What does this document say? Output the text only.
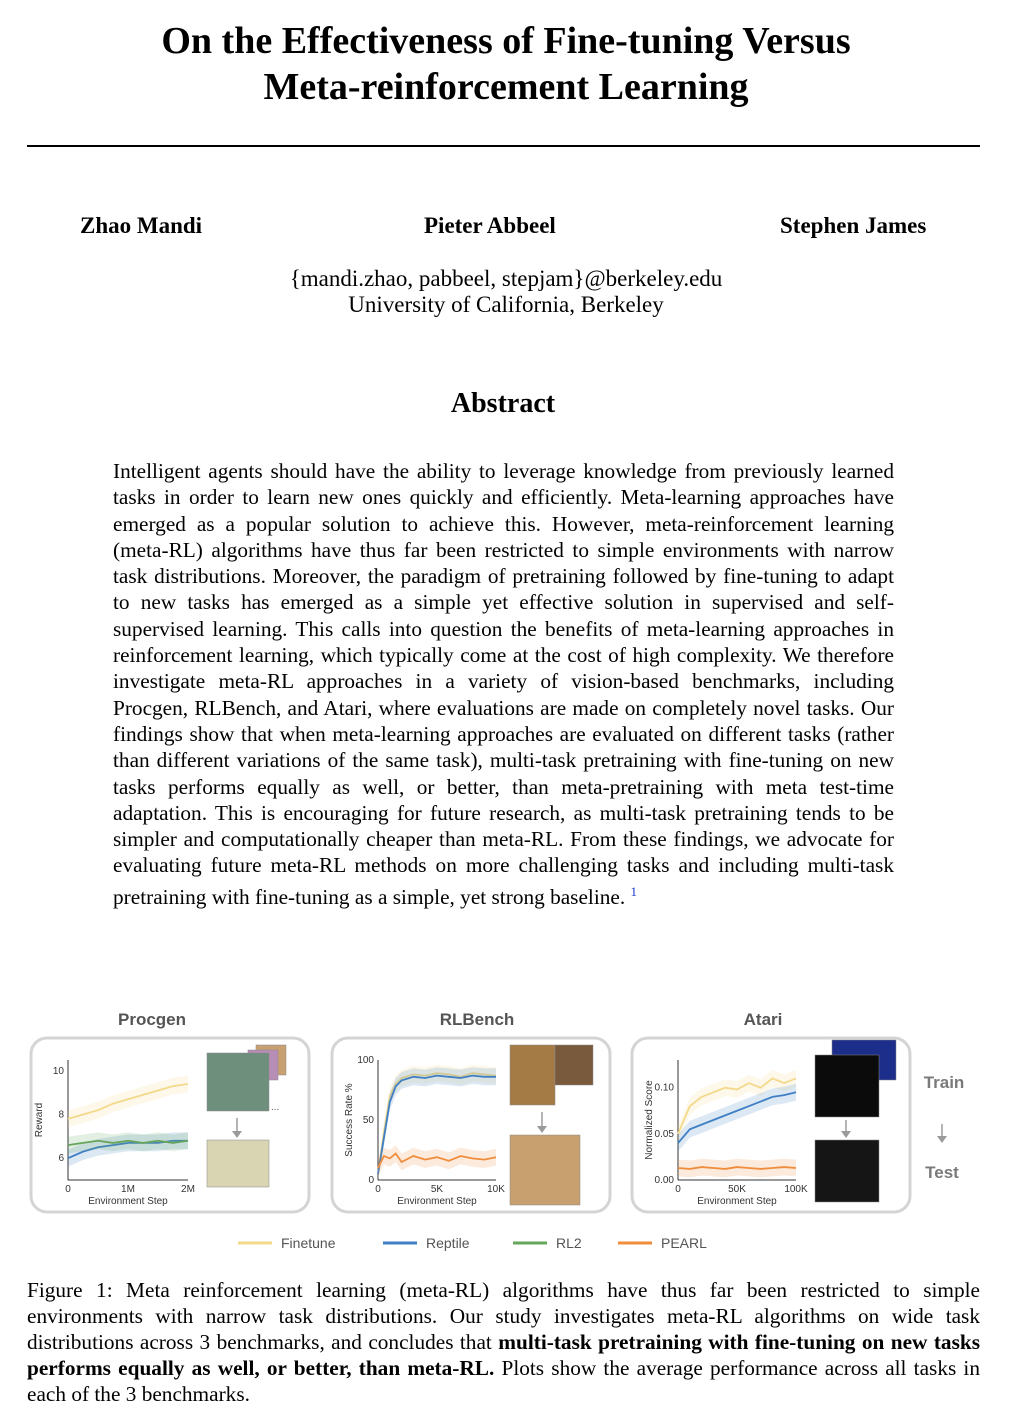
On the Effectiveness of Fine-tuning Versus
Meta-reinforcement Learning
Zhao Mandi	Pieter Abbeel	Stephen James
{mandi.zhao, pabbeel, stepjam}@berkeley.edu
University of California, Berkeley
Abstract
Intelligent agents should have the ability to leverage knowledge from previously learned tasks in order to learn new ones quickly and efficiently. Meta-learning approaches have emerged as a popular solution to achieve this. However, meta-reinforcement learning (meta-RL) algorithms have thus far been restricted to simple environments with narrow task distributions. Moreover, the paradigm of pretraining followed by fine-tuning to adapt to new tasks has emerged as a simple yet effective solution in supervised and self-supervised learning. This calls into question the benefits of meta-learning approaches in reinforcement learning, which typically come at the cost of high complexity. We therefore investigate meta-RL approaches in a variety of vision-based benchmarks, including Procgen, RLBench, and Atari, where evaluations are made on completely novel tasks. Our findings show that when meta-learning approaches are evaluated on different tasks (rather than different variations of the same task), multi-task pretraining with fine-tuning on new tasks performs equally as well, or better, than meta-pretraining with meta test-time adaptation. This is encouraging for future research, as multi-task pretraining tends to be simpler and computationally cheaper than meta-RL. From these findings, we advocate for evaluating future meta-RL methods on more challenging tasks and including multi-task pretraining with fine-tuning as a simple, yet strong baseline. $^1$
Procgen
0	1M	2M
6
8
10
Environment Step
Reward	...
RLBench
0	5K	10K
0
50
100
Environment Step
Success Rate %
Atari
0	50K	100K
0.00
0.05
0.10
Environment Step
Normalized Score	Train
Test
Finetune	Reptile	RL2	PEARL
Figure 1: Meta reinforcement learning (meta-RL) algorithms have thus far been restricted to simple environments with narrow task distributions. Our study investigates meta-RL algorithms on wide task distributions across 3 benchmarks, and concludes that multi-task pretraining with fine-tuning on new tasks performs equally as well, or better, than meta-RL. Plots show the average performance across all tasks in each of the 3 benchmarks.
